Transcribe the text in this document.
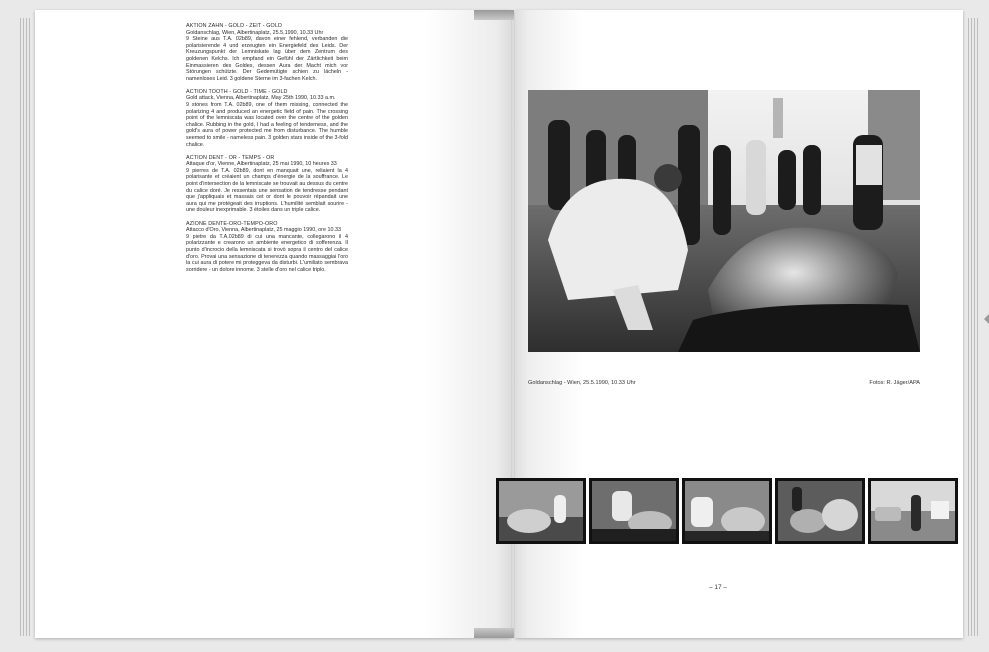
AKTION ZAHN - GOLD - ZEIT - GOLD

Goldanschlag, Wien, Albertinaplatz, 25.5.1990, 10.33 Uhr
9 Steine aus T.A. 02b89, davon einer fehlend, verbanden die polarisierende 4 und erzeugten ein Energiefeld des Leids. Der Kreuzungspunkt der Lemniskate lag über dem Zentrum des goldenen Kelchs. Ich empfand ein Gefühl der Zärtlichkeit beim Einmassieren des Goldes, dessen Aura der Macht mich vor Störungen schützte. Der Gedemütigte schien zu lächeln - namenloses Leid. 3 goldene Sterne im 3-fachen Kelch.

ACTION TOOTH - GOLD - TIME - GOLD

Gold attack, Vienna, Albertinaplatz, May 25th 1990, 10.33 a.m.
9 stones from T.A. 02b89, one of them missing, connected the polarizing 4 and produced an energetic field of pain. The crossing point of the lemniscata was located over the centre of the golden chalice. Rubbing in the gold, I had a feeling of tenderness, and the gold's aura of power protected me from disturbance. The humble seemed to smile - nameless pain. 3 golden stars inside of the 3-fold chalice.

ACTION DENT - OR - TEMPS - OR

Attaque d'or, Vienne, Albertinaplatz, 25 mai 1990, 10 heures 33
9 pierres de T.A. 02b89, dont en manquait une, reliaient la 4 polarisante et créaient un champs d'énergie de la souffrance. Le point d'intersection de la lemniscate se trouvait au dessus du centre du calice doré. Je ressentais une sensation de tendresse pendant que j'appliquais et massais cet or dont le pouvoir répandait une aura qui me protégeait des irruptions. L'humilité semblait sourire - une douleur inexprimable. 3 étoiles dans un triple calice.

AZIONE DENTE-ORO-TEMPO-ORO

Attacco d'Oro, Vienna, Albertinaplatz, 25 maggio 1990, ore 10.33
9 pietre da T.A.02b89 di cui una mancante, collegarono il 4 polarizzante e crearono un ambiente energetico di sofferenza. Il punto d'incrocio della lemniscata si trovò sopra il centro del calice d'oro. Provai una sensazione di tenerezza quando massaggiai l'oro la cui aura di potere mi proteggeva da disturbi. L'umiliato sembrava sorridere - un dolore innome. 3 stelle d'oro nel calice triplo.

Goldanschlag - Wien, 25.5.1990, 10.33 Uhr	Fotos: R. Jäger/APA
– 17 –
